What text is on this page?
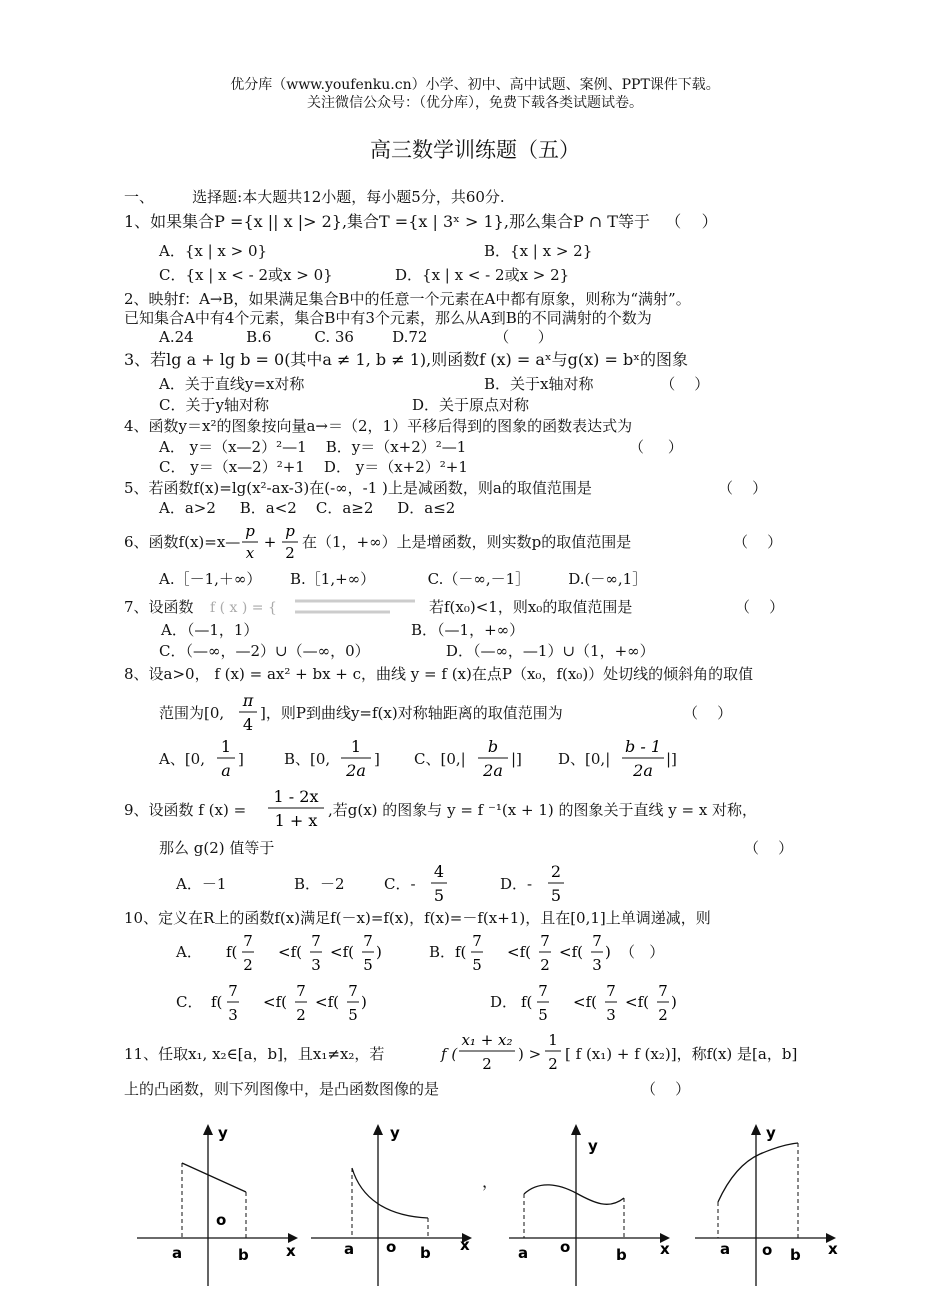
优分库（www.youfenku.cn）小学、初中、高中试题、案例、PPT课件下载。
关注微信公众号：（优分库），免费下载各类试题试卷。
高三数学训练题（五）
一、        选择题:本大题共12小题，每小题5分，共60分.
1、如果集合P ={x || x |> 2},集合T ={x | 3ˣ > 1},那么集合P ∩ T等于   （    ）
A．{x | x > 0}	B．{x | x > 2}
C．{x | x < - 2或x > 0}	D．{x | x < - 2或x > 2}
2、映射f：A→B，如果满足集合B中的任意一个元素在A中都有原象，则称为“满射”。
已知集合A中有4个元素，集合B中有3个元素，那么从A到B的不同满射的个数为
A.24           B.6         C. 36        D.72              （      ）
3、若lg a + lg b = 0(其中a ≠ 1, b ≠ 1),则函数f (x) = aˣ与g(x) = bˣ的图象
A．关于直线y=x对称	B．关于x轴对称              （    ）
C．关于y轴对称	D．关于原点对称
4、函数y＝x²的图象按向量a→＝（2，1）平移后得到的图象的函数表达式为
（     ）
A． y＝（x—2）²—1    B．y＝（x+2）²—1
C． y＝（x—2）²+1    D． y＝（x+2）²+1
5、若函数f(x)=lg(x²-ax-3)在(-∞，-1 )上是减函数，则a的取值范围是	（    ）
A．a>2     B．a<2    C．a≥2     D．a≤2
6、函数f(x)=x—
p
x
+
p
2
在（1，+∞）上是增函数，则实数p的取值范围是	（    ）
A.［－1,＋∞）      B.［1,+∞）           C.（－∞,－1］        D.(－∞,1］
7、设函数 f ( x ) = {	若f(x₀)<1，则x₀的取值范围是	（    ）
A．（—1，1）                                B．（—1，+∞）
C．（—∞，—2）∪（—∞，0）                D．（—∞，—1）∪（1，+∞）
8、设a>0， f (x) = ax² + bx + c，曲线 y = f (x)在点P（x₀，f(x₀)）处切线的倾斜角的取值
范围为[0,
π
4
]，则P到曲线y=f(x)对称轴距离的取值范围为	（    ）
A、[0,
1
a
]	B、[0,
1
2a
] C、[0,|
b
2a
|] D、[0,|
b - 1
2a
|]
9、设函数 f (x) =
1 - 2x
1 + x
,若g(x) 的图象与 y = f ⁻¹(x + 1) 的图象关于直线 y = x 对称，
那么 g(2) 值等于	（    ）
A．－1	B．－2	C．-
4
5
D．-
2
5
10、定义在R上的函数f(x)满足f(－x)=f(x)，f(x)=－f(x+1)，且在[0,1]上单调递减，则
A． f(
7
2
<f(
7
3
<f(
7
5
)	B． f(
7
5
<f(
7
2
<f(
7
3
) （   ）
C． f(
7
3
<f(
7
2
<f(
7
5
)	D． f(
7
5
<f(
7
3
<f(
7
2
)
11、任取x₁, x₂∈[a，b]，且x₁≠x₂，若	f (
x₁ + x₂
2
) >
1
2
[ f (x₁) + f (x₂)]，称f(x) 是[a，b]
上的凸函数，则下列图像中，是凸函数图像的是	（    ）
y
o
a	b x
y
o
a	b x
，
y
o
a	b x
y
o
a	b x
